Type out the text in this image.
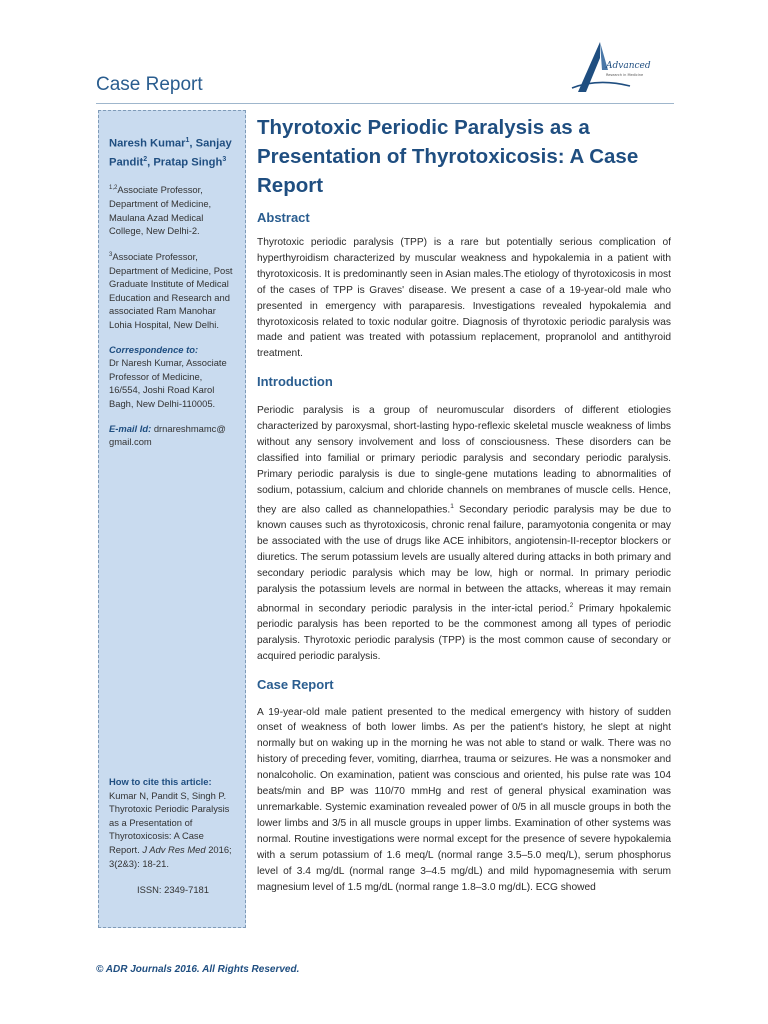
Case Report
Advanced
Research in Medicine

Naresh Kumar$^1$, Sanjay Pandit$^2$, Pratap Singh$^3$

$^{1,2}$Associate Professor, Department of Medicine, Maulana Azad Medical College, New Delhi-2.

$^3$Associate Professor, Department of Medicine, Post Graduate Institute of Medical Education and Research and associated Ram Manohar Lohia Hospital, New Delhi.

Correspondence to:

Dr Naresh Kumar, Associate Professor of Medicine, 16/554, Joshi Road Karol Bagh, New Delhi-110005.

E-mail Id: drnareshmamc@ gmail.com

How to cite this article:

Kumar N, Pandit S, Singh P. Thyrotoxic Periodic Paralysis as a Presentation of Thyrotoxicosis: A Case Report. J Adv Res Med 2016; 3(2&3): 18-21.

ISSN: 2349-7181

Thyrotoxic Periodic Paralysis as a Presentation of Thyrotoxicosis: A Case Report
Abstract

Thyrotoxic periodic paralysis (TPP) is a rare but potentially serious complication of hyperthyroidism characterized by muscular weakness and hypokalemia in a patient with thyrotoxicosis. It is predominantly seen in Asian males.The etiology of thyrotoxicosis in most of the cases of TPP is Graves' disease. We present a case of a 19-year-old male who presented in emergency with paraparesis. Investigations revealed hypokalemia and thyrotoxicosis related to toxic nodular goitre. Diagnosis of thyrotoxic periodic paralysis was made and patient was treated with potassium replacement, propranolol and antithyroid treatment.

Introduction

Periodic paralysis is a group of neuromuscular disorders of different etiologies characterized by paroxysmal, short-lasting hypo-reflexic skeletal muscle weakness of limbs without any sensory involvement and loss of consciousness. These disorders can be classified into familial or primary periodic paralysis and secondary periodic paralysis. Primary periodic paralysis is due to single-gene mutations leading to abnormalities of sodium, potassium, calcium and chloride channels on membranes of muscle cells. Hence, they are also called as channelopathies.$^1$ Secondary periodic paralysis may be due to known causes such as thyrotoxicosis, chronic renal failure, paramyotonia congenita or may be associated with the use of drugs like ACE inhibitors, angiotensin-II-receptor blockers or diuretics. The serum potassium levels are usually altered during attacks in both primary and secondary periodic paralysis which may be low, high or normal. In primary periodic paralysis the potassium levels are normal in between the attacks, whereas it may remain abnormal in secondary periodic paralysis in the inter-ictal period.$^2$ Primary hpokalemic periodic paralysis has been reported to be the commonest among all types of periodic paralysis. Thyrotoxic periodic paralysis (TPP) is the most common cause of secondary or acquired periodic paralysis.

Case Report

A 19-year-old male patient presented to the medical emergency with history of sudden onset of weakness of both lower limbs. As per the patient's history, he slept at night normally but on waking up in the morning he was not able to stand or walk. There was no history of preceding fever, vomiting, diarrhea, trauma or seizures. He was a nonsmoker and nonalcoholic. On examination, patient was conscious and oriented, his pulse rate was 104 beats/min and BP was 110/70 mmHg and rest of general physical examination was unremarkable. Systemic examination revealed power of 0/5 in all muscle groups in both the lower limbs and 3/5 in all muscle groups in upper limbs. Examination of other systems was normal. Routine investigations were normal except for the presence of severe hypokalemia with a serum potassium of 1.6 meq/L (normal range 3.5–5.0 meq/L), serum phosphorus level of 3.4 mg/dL (normal range 3–4.5 mg/dL) and mild hypomagnesemia with serum magnesium level of 1.5 mg/dL (normal range 1.8–3.0 mg/dL). ECG showed

© ADR Journals 2016. All Rights Reserved.
